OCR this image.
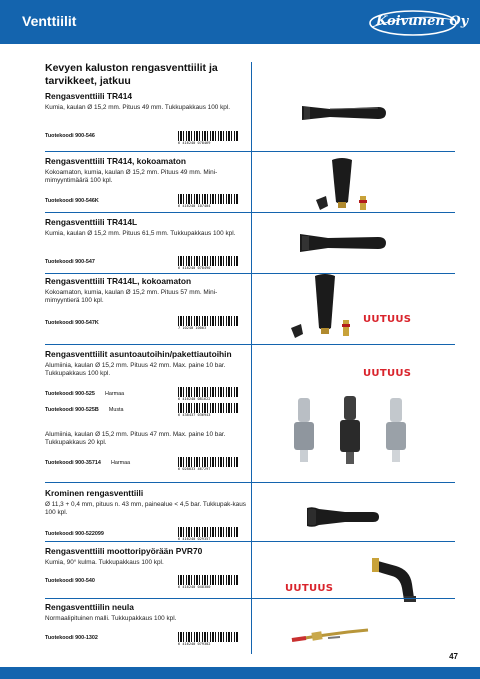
Venttiilit	Koivunen Oy
Kevyen kaluston rengasventtiilit ja tarvikkeet, jatkuu
Rengasventtiili TR414
Kumia, kaulan Ø 15,2 mm. Pituus 49 mm. Tukkupakkaus 100 kpl.
Tuotekoodi 900-546
6 416240 078469
Rengasventtiili TR414, kokoamaton
Kokoamaton, kumia, kaulan Ø 15,2 mm. Pituus 49 mm. Mini-mimyyntimäärä 100 kpl.
Tuotekoodi 900-546K
6 416240 107404
Rengasventtiili TR414L
Kumia, kaulan Ø 15,2 mm. Pituus 61,5 mm. Tukkupakkaus 100 kpl.
Tuotekoodi 900-547
6 416240 078490
Rengasventtiili TR414L, kokoamaton
Kokoamaton, kumia, kaulan Ø 15,2 mm. Pituus 57 mm. Mini-mimyyntierä 100 kpl.
Tuotekoodi 900-547K
7 10240 10003
UUTUUS
Rengasventtiilit asuntoautoihin/pakettiautoihin
Alumiinia, kaulan Ø 15,2 mm. Pituus 42 mm. Max. paine 10 bar. Tukkupakkaus 100 kpl.
Tuotekoodi 900-525 Harmaa
6 416240 081622
Tuotekoodi 900-525B Musta
6 438437 036943
Alumiinia, kaulan Ø 15,2 mm. Pituus 47 mm. Max. paine 10 bar. Tukkupakkaus 20 kpl.
Tuotekoodi 900-35714 Harmaa
6 028033 467297
UUTUUS
Krominen rengasventtiili
Ø 11,3 + 0,4 mm, pituus n. 43 mm, painealue < 4,5 bar. Tukkupak-kaus 100 kpl.
Tuotekoodi 900-522099
6 416240 029357
Rengasventtiili moottoripyörään PVR70
Kumia, 90° kulma. Tukkupakkaus 100 kpl.
Tuotekoodi 900-540
6 416240 048300	UUTUUS
Rengasventtiilin neula
Normaalipituinen malli. Tukkupakkaus 100 kpl.
Tuotekoodi 900-1302
6 416240 079302
47
